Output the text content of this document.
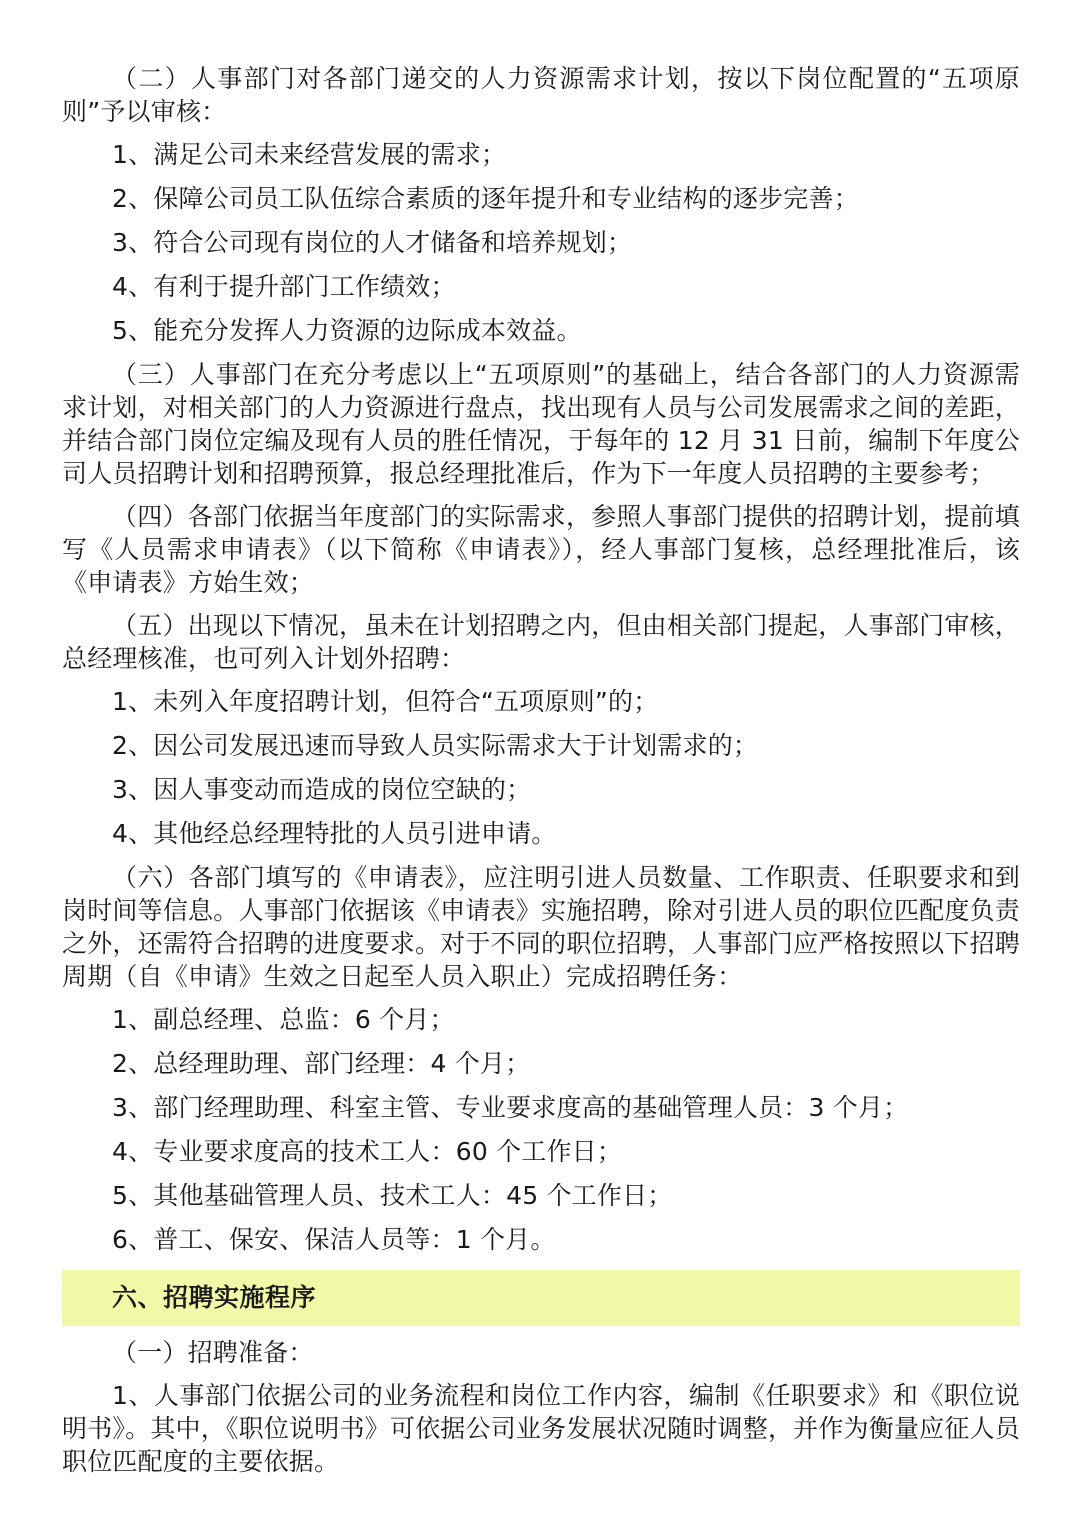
（二）人事部门对各部门递交的人力资源需求计划，按以下岗位配置的“五项原则”予以审核：

1、满足公司未来经营发展的需求；

2、保障公司员工队伍综合素质的逐年提升和专业结构的逐步完善；

3、符合公司现有岗位的人才储备和培养规划；

4、有利于提升部门工作绩效；

5、能充分发挥人力资源的边际成本效益。

（三）人事部门在充分考虑以上“五项原则”的基础上，结合各部门的人力资源需求计划，对相关部门的人力资源进行盘点，找出现有人员与公司发展需求之间的差距，并结合部门岗位定编及现有人员的胜任情况，于每年的 12 月 31 日前，编制下年度公司人员招聘计划和招聘预算，报总经理批准后，作为下一年度人员招聘的主要参考；

（四）各部门依据当年度部门的实际需求，参照人事部门提供的招聘计划，提前填写《人员需求申请表》（以下简称《申请表》），经人事部门复核，总经理批准后，该《申请表》方始生效；

（五）出现以下情况，虽未在计划招聘之内，但由相关部门提起，人事部门审核，总经理核准，也可列入计划外招聘：

1、未列入年度招聘计划，但符合“五项原则”的；

2、因公司发展迅速而导致人员实际需求大于计划需求的；

3、因人事变动而造成的岗位空缺的；

4、其他经总经理特批的人员引进申请。

（六）各部门填写的《申请表》，应注明引进人员数量、工作职责、任职要求和到岗时间等信息。人事部门依据该《申请表》实施招聘，除对引进人员的职位匹配度负责之外，还需符合招聘的进度要求。对于不同的职位招聘，人事部门应严格按照以下招聘周期（自《申请》生效之日起至人员入职止）完成招聘任务：

1、副总经理、总监：6 个月；

2、总经理助理、部门经理：4 个月；

3、部门经理助理、科室主管、专业要求度高的基础管理人员：3 个月；

4、专业要求度高的技术工人：60 个工作日；

5、其他基础管理人员、技术工人：45 个工作日；

6、普工、保安、保洁人员等：1 个月。

六、招聘实施程序

（一）招聘准备：

1、人事部门依据公司的业务流程和岗位工作内容，编制《任职要求》和《职位说明书》。其中，《职位说明书》可依据公司业务发展状况随时调整，并作为衡量应征人员职位匹配度的主要依据。
